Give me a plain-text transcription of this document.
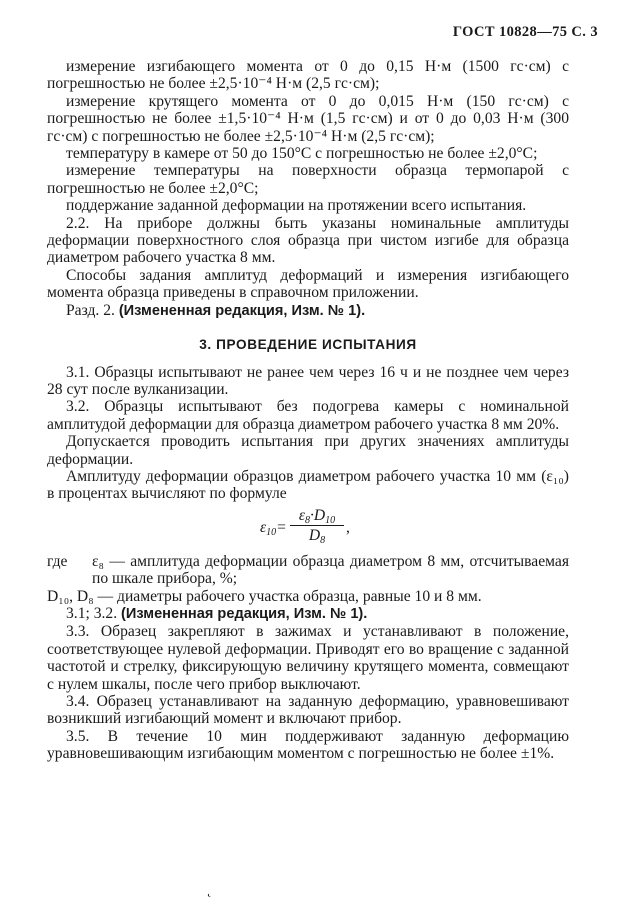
ГОСТ 10828—75 С. 3

измерение изгибающего момента от 0 до 0,15 Н·м (1500 гс·см) с погрешностью не более ±2,5·10⁻⁴ Н·м (2,5 гс·см);

измерение крутящего момента от 0 до 0,015 Н·м (150 гс·см) с погрешностью не более ±1,5·10⁻⁴ Н·м (1,5 гс·см) и от 0 до 0,03 Н·м (300 гс·см) с погрешностью не более ±2,5·10⁻⁴ Н·м (2,5 гс·см);

температуру в камере от 50 до 150°С с погрешностью не более ±2,0°С;

измерение температуры на поверхности образца термопарой с погрешностью не более ±2,0°С;

поддержание заданной деформации на протяжении всего испытания.

2.2. На приборе должны быть указаны номинальные амплитуды деформации поверхностного слоя образца при чистом изгибе для образца диаметром рабочего участка 8 мм.

Способы задания амплитуд деформаций и измерения изгибающего момента образца приведены в справочном приложении.

Разд. 2. (Измененная редакция, Изм. № 1).

3. ПРОВЕДЕНИЕ ИСПЫТАНИЯ

3.1. Образцы испытывают не ранее чем через 16 ч и не позднее чем через 28 сут после вулканизации.

3.2. Образцы испытывают без подогрева камеры с номинальной амплитудой деформации для образца диаметром рабочего участка 8 мм 20%.

Допускается проводить испытания при других значениях амплитуды деформации.

Амплитуду деформации образцов диаметром рабочего участка 10 мм (ε₁₀) в процентах вычисляют по формуле

$\varepsilon_{10}= \frac{\varepsilon_8\cdot D_{10}}{D_8}$ ,
где	ε₈ — амплитуда деформации образца диаметром 8 мм, отсчитываемая по шкале прибора, %;

D₁₀, D₈ — диаметры рабочего участка образца, равные 10 и 8 мм.

3.1; 3.2. (Измененная редакция, Изм. № 1).

3.3. Образец закрепляют в зажимах и устанавливают в положение, соответствующее нулевой деформации. Приводят его во вращение с заданной частотой и стрелку, фиксирующую величину крутящего момента, совмещают с нулем шкалы, после чего прибор выключают.

3.4. Образец устанавливают на заданную деформацию, уравновешивают возникший изгибающий момент и включают прибор.

3.5. В течение 10 мин поддерживают заданную деформацию уравновешивающим изгибающим моментом с погрешностью не более ±1%.

˛
